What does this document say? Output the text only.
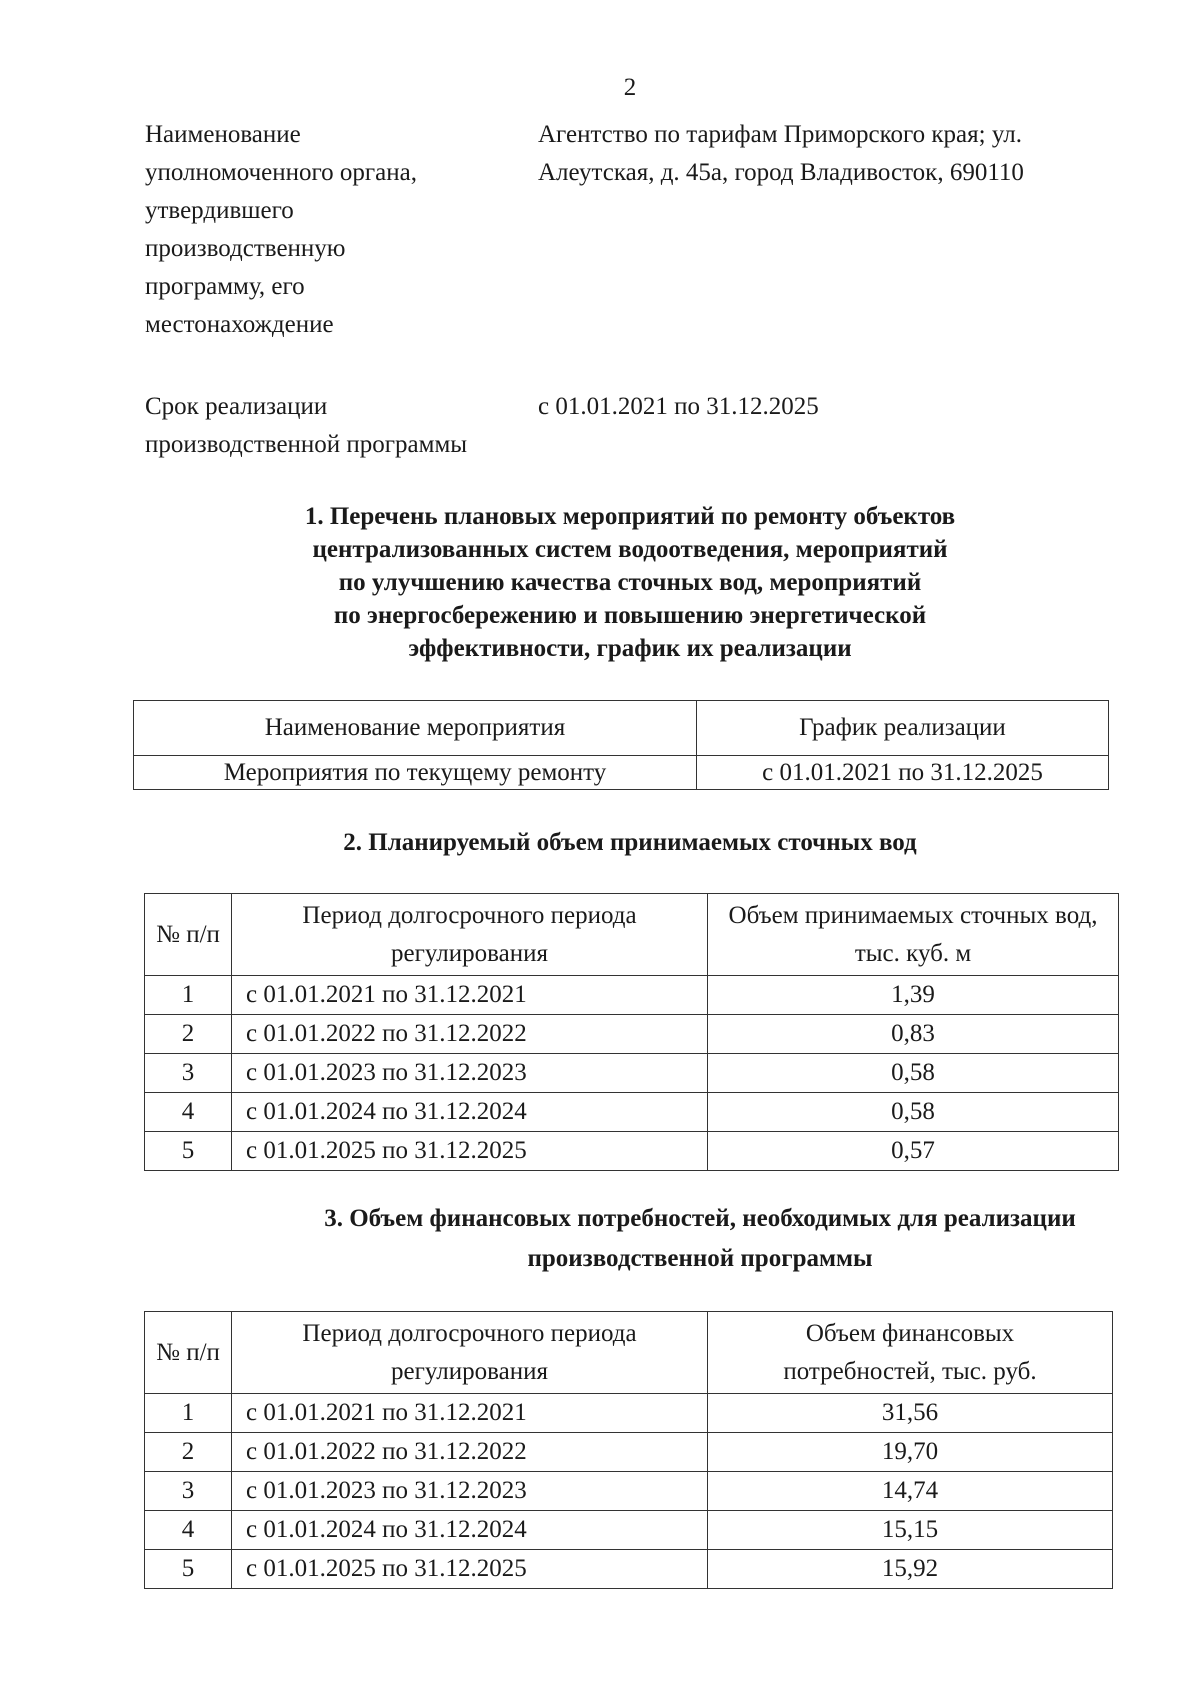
2
Наименование уполномоченного органа, утвердившего производственную программу, его местонахождение
Агентство по тарифам Приморского края; ул. Алеутская, д. 45а, город Владивосток, 690110
Срок реализации производственной программы
с 01.01.2021 по 31.12.2025
1. Перечень плановых мероприятий по ремонту объектов
централизованных систем водоотведения, мероприятий
по улучшению качества сточных вод, мероприятий
по энергосбережению и повышению энергетической
эффективности, график их реализации
Наименование мероприятия	График реализации
Мероприятия по текущему ремонту	с 01.01.2021 по 31.12.2025
2. Планируемый объем принимаемых сточных вод
№ п/п	Период долгосрочного периода регулирования	Объем принимаемых сточных вод, тыс. куб. м
1	с 01.01.2021 по 31.12.2021	1,39
2	с 01.01.2022 по 31.12.2022	0,83
3	с 01.01.2023 по 31.12.2023	0,58
4	с 01.01.2024 по 31.12.2024	0,58
5	с 01.01.2025 по 31.12.2025	0,57
3. Объем финансовых потребностей, необходимых для реализации
производственной программы
№ п/п	Период долгосрочного периода регулирования	Объем финансовых потребностей, тыс. руб.
1	с 01.01.2021 по 31.12.2021	31,56
2	с 01.01.2022 по 31.12.2022	19,70
3	с 01.01.2023 по 31.12.2023	14,74
4	с 01.01.2024 по 31.12.2024	15,15
5	с 01.01.2025 по 31.12.2025	15,92
